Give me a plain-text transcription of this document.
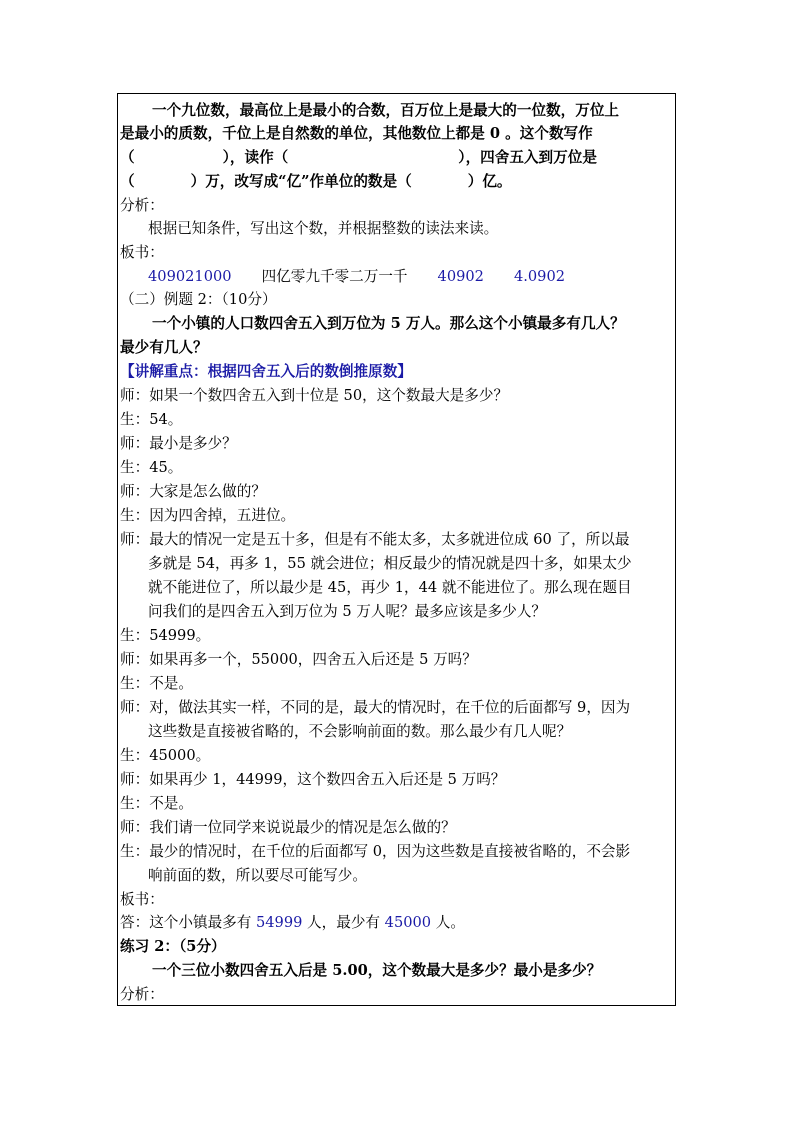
一个九位数，最高位上是最小的合数，百万位上是最大的一位数，万位上
是最小的质数，千位上是自然数的单位，其他数位上都是 0 。这个数写作
（	），读作（	），四舍五入到万位是
（	）万，改写成“亿”作单位的数是（	）亿。
分析：
根据已知条件，写出这个数，并根据整数的读法来读。
板书：
409021000 四亿零九千零二万一千 40902 4.0902
（二）例题 2：（10分）
一个小镇的人口数四舍五入到万位为 5 万人。那么这个小镇最多有几人？
最少有几人？
【讲解重点：根据四舍五入后的数倒推原数】
师：如果一个数四舍五入到十位是 50，这个数最大是多少？
生：54。
师：最小是多少？
生：45。
师：大家是怎么做的？
生：因为四舍掉，五进位。
师：最大的情况一定是五十多，但是有不能太多，太多就进位成 60 了，所以最
多就是 54，再多 1，55 就会进位；相反最少的情况就是四十多，如果太少
就不能进位了，所以最少是 45，再少 1，44 就不能进位了。那么现在题目
问我们的是四舍五入到万位为 5 万人呢？最多应该是多少人？
生：54999。
师：如果再多一个，55000，四舍五入后还是 5 万吗？
生：不是。
师：对，做法其实一样，不同的是，最大的情况时，在千位的后面都写 9，因为
这些数是直接被省略的，不会影响前面的数。那么最少有几人呢？
生：45000。
师：如果再少 1，44999，这个数四舍五入后还是 5 万吗？
生：不是。
师：我们请一位同学来说说最少的情况是怎么做的？
生：最少的情况时，在千位的后面都写 0，因为这些数是直接被省略的，不会影
响前面的数，所以要尽可能写少。
板书：
答：这个小镇最多有 54999 人，最少有 45000 人。
练习 2：（5分）
一个三位小数四舍五入后是 5.00，这个数最大是多少？最小是多少？
分析：
